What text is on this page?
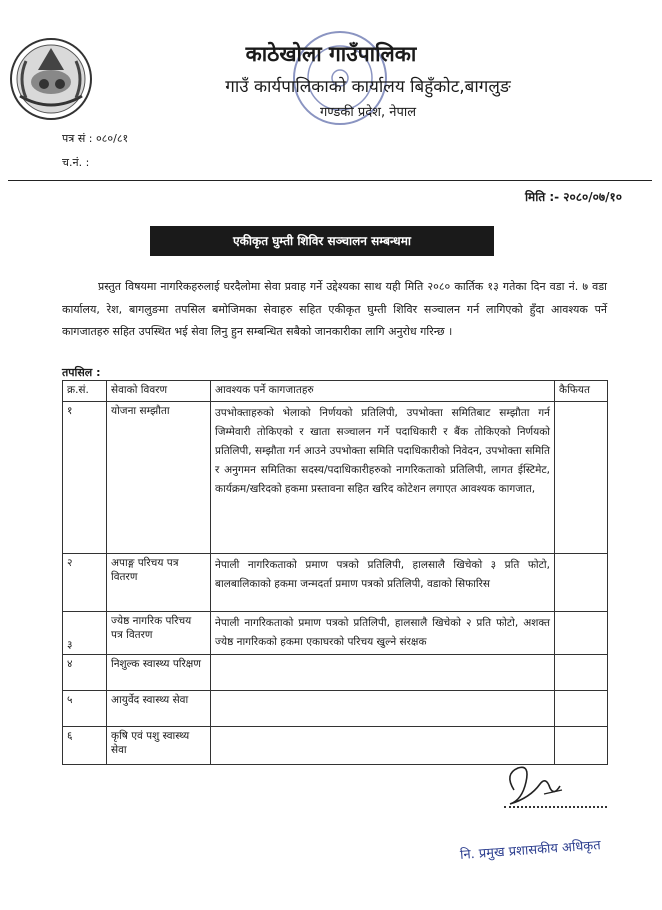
काठेखोला गाउँपालिका
गाउँ कार्यपालिकाको कार्यालय बिहुँकोट,बागलुङ
गण्डकी प्रदेश, नेपाल
पत्र सं : ०८०/८१
च.नं. :
मिति :- २०८०/०७/१०
एकीकृत घुम्ती शिविर सञ्चालन सम्बन्धमा
प्रस्तुत विषयमा नागरिकहरुलाई घरदैलोमा सेवा प्रवाह गर्ने उद्देश्यका साथ यही मिति २०८० कार्तिक १३ गतेका दिन वडा नं. ७ वडा कार्यालय, रेश, बागलुङमा तपसिल बमोजिमका सेवाहरु सहित एकीकृत घुम्ती शिविर सञ्चालन गर्न लागिएको हुँदा आवश्यक पर्ने कागजातहरु सहित उपस्थित भई सेवा लिनु हुन सम्बन्धित सबैको जानकारीका लागि अनुरोध गरिन्छ ।
तपसिल :
क्र.सं.	सेवाको विवरण	आवश्यक पर्ने कागजातहरु	कैफियत
१	योजना सम्झौता	उपभोक्ताहरुको भेलाको निर्णयको प्रतिलिपी, उपभोक्ता समितिबाट सम्झौता गर्न जिम्मेवारी तोकिएको र खाता सञ्चालन गर्ने पदाधिकारी र बैंक तोकिएको निर्णयको प्रतिलिपी, सम्झौता गर्न आउने उपभोक्ता समिति पदाधिकारीको निवेदन, उपभोक्ता समिति र अनुगमन समितिका सदस्य/पदाधिकारीहरुको नागरिकताको प्रतिलिपी, लागत ईस्टिमेट, कार्यक्रम/खरिदको हकमा प्रस्तावना सहित खरिद कोटेशन लगाएत आवश्यक कागजात,	
२	अपाङ्ग परिचय पत्र वितरण	नेपाली नागरिकताको प्रमाण पत्रको प्रतिलिपी, हालसालै खिचेको ३ प्रति फोटो, बालबालिकाको हकमा जन्मदर्ता प्रमाण पत्रको प्रतिलिपी, वडाको सिफारिस	
३	ज्येष्ठ नागरिक परिचय पत्र वितरण	नेपाली नागरिकताको प्रमाण पत्रको प्रतिलिपी, हालसालै खिचेको २ प्रति फोटो, अशक्त ज्येष्ठ नागरिकको हकमा एकाघरको परिचय खुल्ने संरक्षक	
४	निशुल्क स्वास्थ्य परिक्षण		
५	आयुर्वेद स्वास्थ्य सेवा		
६	कृषि एवं पशु स्वास्थ्य सेवा		
नि. प्रमुख प्रशासकीय अधिकृत
